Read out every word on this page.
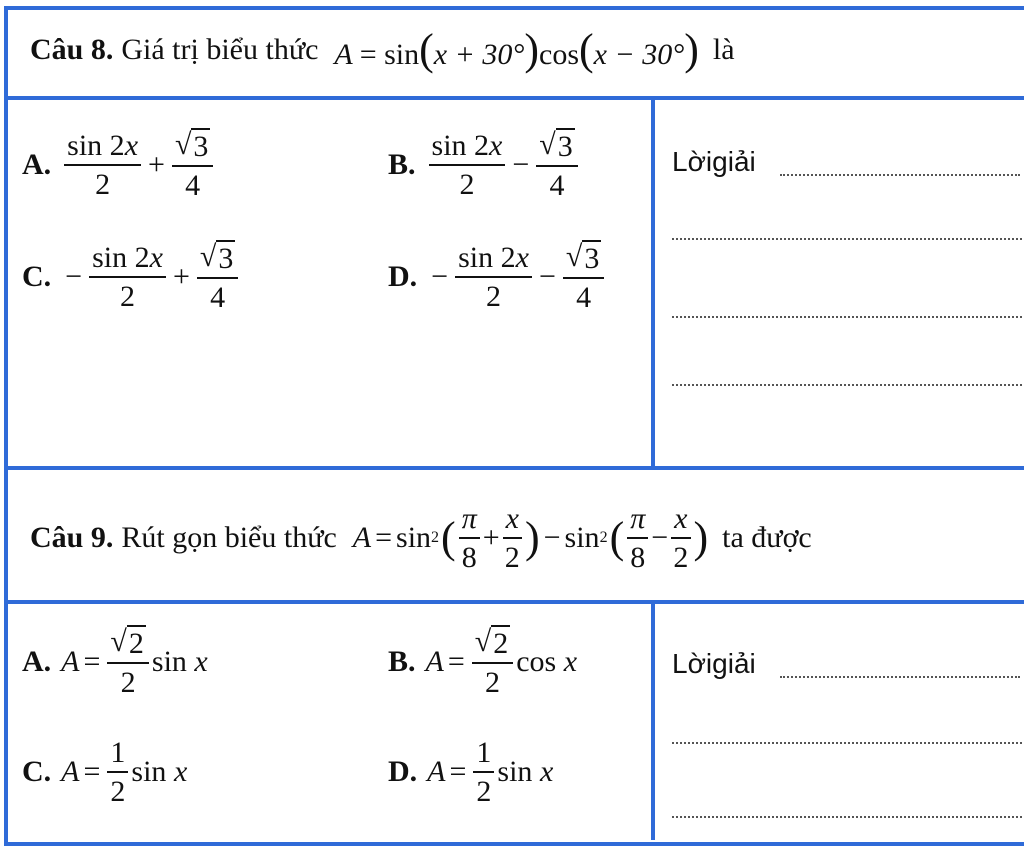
Câu 8. Giá trị biểu thức A = sin(x + 30°)cos(x − 30°) là
A. $\frac{\sin 2x}{2} + \frac{√ 3}{4}$	B. $\frac{\sin 2x}{2} - \frac{√ 3}{4}$
C. − $\frac{\sin 2x}{2} + \frac{√ 3}{4}$	D. − $\frac{\sin 2x}{2} - \frac{√ 3}{4}$
Lờigiải
Câu 9. Rút gọn biểu thức A = sin 2 ( $\frac{\pi}{8} + \frac{x}{2}$ ) − sin 2 ( $\frac{\pi}{8} - \frac{x}{2}$ ) ta được
A. $A = \frac{√ 2}{2}$ sin x	B. $A = \frac{√ 2}{2}$ cos x
C. $A = \frac{1}{2}$ sin x	D. $A = \frac{1}{2}$ sin x
Lờigiải
